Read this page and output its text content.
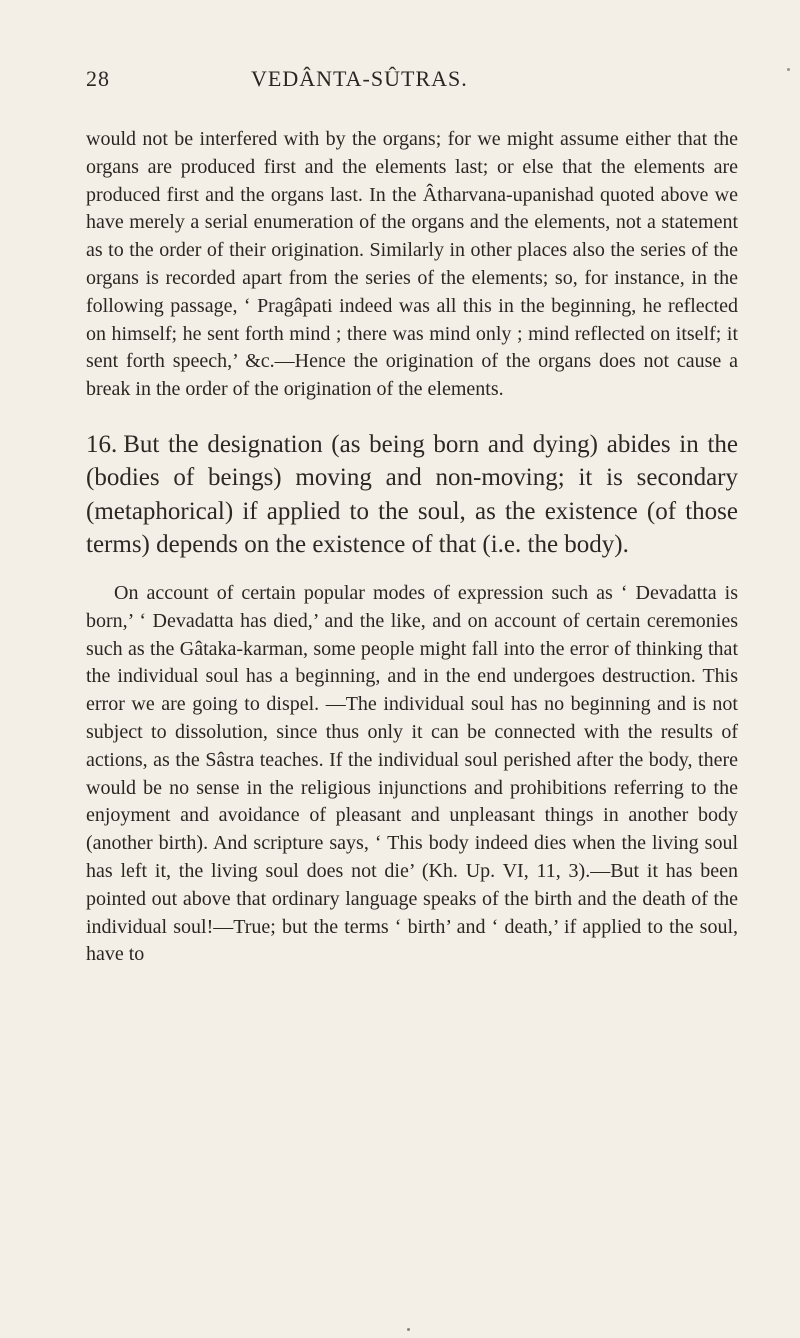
28	VEDÂNTA-SÛTRAS.

would not be interfered with by the organs; for we might assume either that the organs are produced first and the elements last; or else that the elements are produced first and the organs last. In the Âtharvana-upanishad quoted above we have merely a serial enumeration of the organs and the elements, not a statement as to the order of their origination. Similarly in other places also the series of the organs is recorded apart from the series of the elements; so, for instance, in the following passage, ‘ Pragâpati indeed was all this in the beginning, he reflected on himself; he sent forth mind ; there was mind only ; mind reflected on itself; it sent forth speech,’ &c.—Hence the origination of the organs does not cause a break in the order of the origination of the elements.

16. But the designation (as being born and dying) abides in the (bodies of beings) moving and non-moving; it is secondary (metaphorical) if applied to the soul, as the existence (of those terms) depends on the existence of that (i.e. the body).

On account of certain popular modes of expression such as ‘ Devadatta is born,’ ‘ Devadatta has died,’ and the like, and on account of certain ceremonies such as the Gâtaka-karman, some people might fall into the error of thinking that the individual soul has a beginning, and in the end undergoes destruction. This error we are going to dispel. —The individual soul has no beginning and is not subject to dissolution, since thus only it can be connected with the results of actions, as the Sâstra teaches. If the individual soul perished after the body, there would be no sense in the religious injunctions and prohibitions referring to the enjoyment and avoidance of pleasant and unpleasant things in another body (another birth). And scripture says, ‘ This body indeed dies when the living soul has left it, the living soul does not die’ (Kh. Up. VI, 11, 3).—But it has been pointed out above that ordinary language speaks of the birth and the death of the individual soul!—True; but the terms ‘ birth’ and ‘ death,’ if applied to the soul, have to
